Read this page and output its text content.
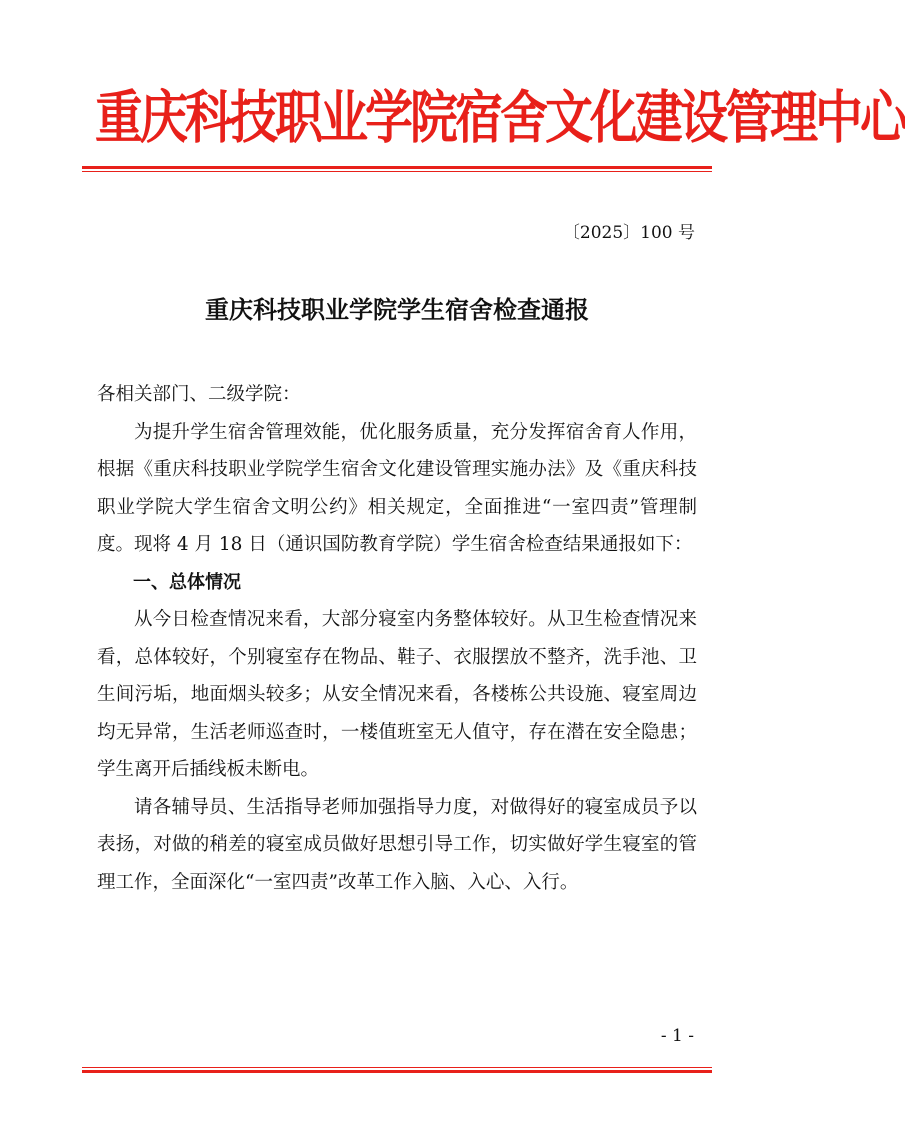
重庆科技职业学院宿舍文化建设管理中心
〔2025〕100 号
重庆科技职业学院学生宿舍检查通报

各相关部门、二级学院：

为提升学生宿舍管理效能，优化服务质量，充分发挥宿舍育人作用，根据《重庆科技职业学院学生宿舍文化建设管理实施办法》及《重庆科技职业学院大学生宿舍文明公约》相关规定，全面推进“一室四责”管理制度。现将 4 月 18 日（通识国防教育学院）学生宿舍检查结果通报如下：

一、总体情况

从今日检查情况来看，大部分寝室内务整体较好。从卫生检查情况来看，总体较好，个别寝室存在物品、鞋子、衣服摆放不整齐，洗手池、卫生间污垢，地面烟头较多；从安全情况来看，各楼栋公共设施、寝室周边均无异常，生活老师巡查时，一楼值班室无人值守，存在潜在安全隐患；学生离开后插线板未断电。

请各辅导员、生活指导老师加强指导力度，对做得好的寝室成员予以表扬，对做的稍差的寝室成员做好思想引导工作，切实做好学生寝室的管理工作，全面深化“一室四责”改革工作入脑、入心、入行。

- 1 -
